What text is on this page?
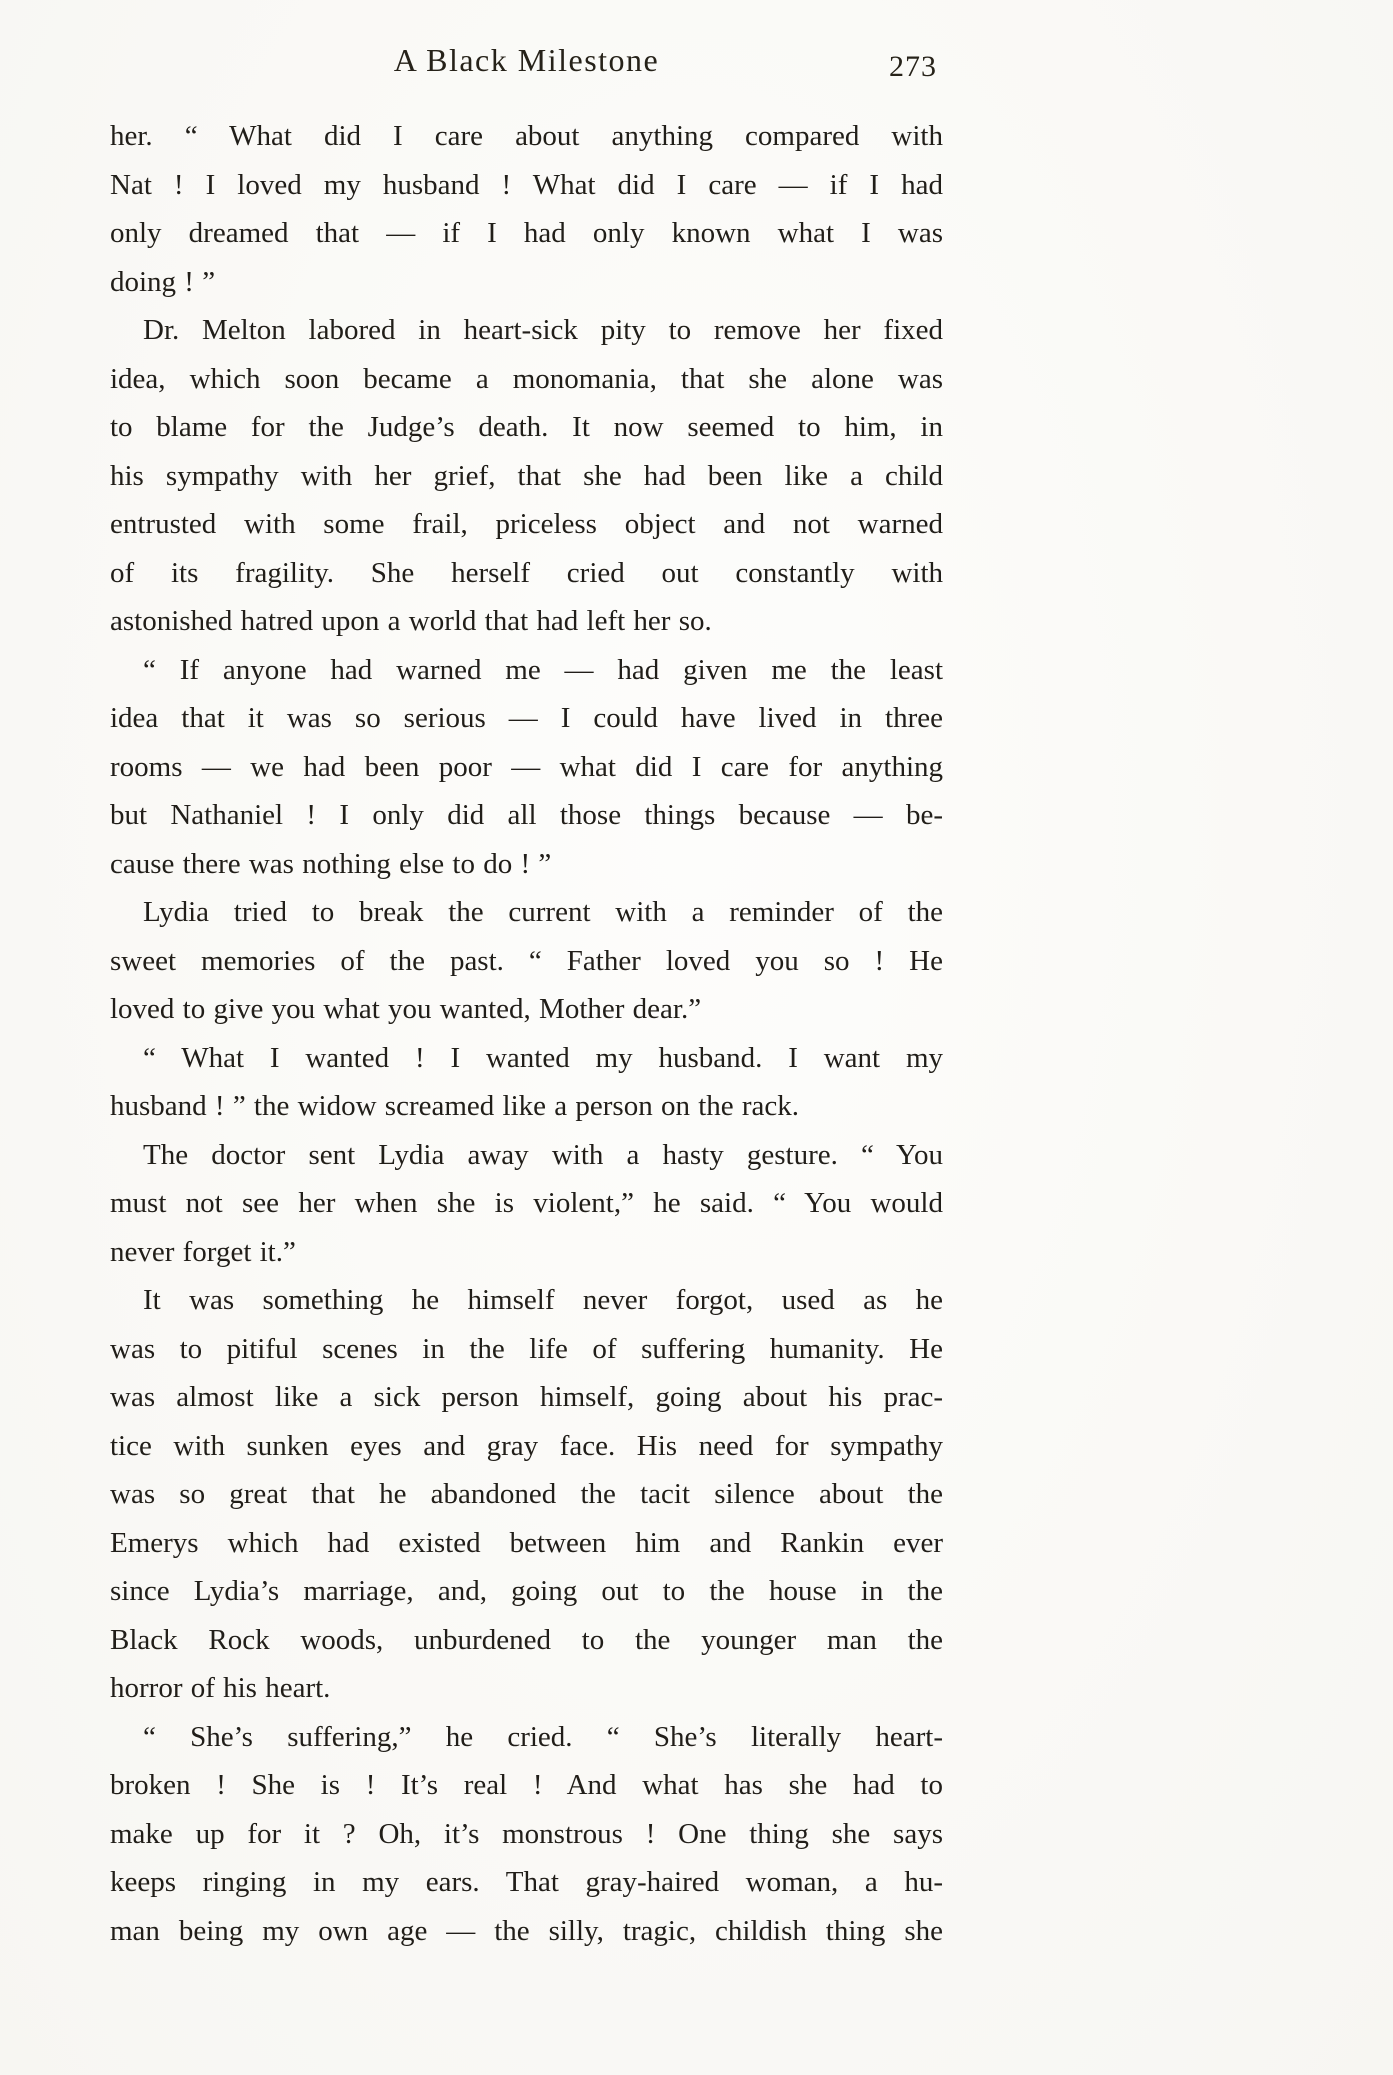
A Black Milestone	273

her. “ What did I care about anything compared with
Nat ! I loved my husband ! What did I care — if I had
only dreamed that — if I had only known what I was
doing ! ”

Dr. Melton labored in heart-sick pity to remove her fixed
idea, which soon became a monomania, that she alone was
to blame for the Judge’s death. It now seemed to him, in
his sympathy with her grief, that she had been like a child
entrusted with some frail, priceless object and not warned
of its fragility. She herself cried out constantly with
astonished hatred upon a world that had left her so.

“ If anyone had warned me — had given me the least
idea that it was so serious — I could have lived in three
rooms — we had been poor — what did I care for anything
but Nathaniel ! I only did all those things because — be-
cause there was nothing else to do ! ”

Lydia tried to break the current with a reminder of the
sweet memories of the past. “ Father loved you so ! He
loved to give you what you wanted, Mother dear.”

“ What I wanted ! I wanted my husband. I want my
husband ! ” the widow screamed like a person on the rack.

The doctor sent Lydia away with a hasty gesture. “ You
must not see her when she is violent,” he said. “ You would
never forget it.”

It was something he himself never forgot, used as he
was to pitiful scenes in the life of suffering humanity. He
was almost like a sick person himself, going about his prac-
tice with sunken eyes and gray face. His need for sympathy
was so great that he abandoned the tacit silence about the
Emerys which had existed between him and Rankin ever
since Lydia’s marriage, and, going out to the house in the
Black Rock woods, unburdened to the younger man the
horror of his heart.

“ She’s suffering,” he cried. “ She’s literally heart-
broken ! She is ! It’s real ! And what has she had to
make up for it ? Oh, it’s monstrous ! One thing she says
keeps ringing in my ears. That gray-haired woman, a hu-
man being my own age — the silly, tragic, childish thing she
